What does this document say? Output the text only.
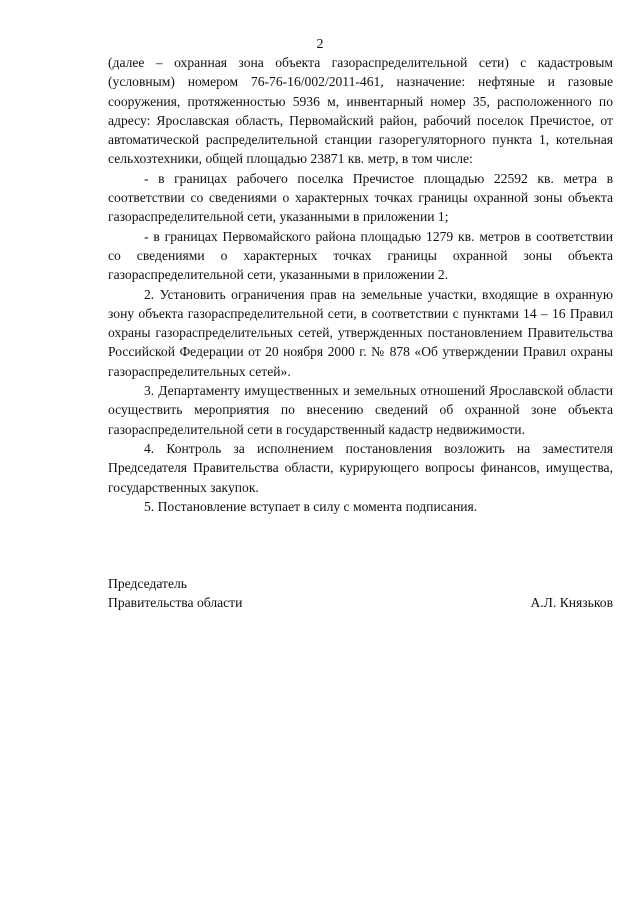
2

(далее – охранная зона объекта газораспределительной сети) с кадастровым (условным) номером 76-76-16/002/2011-461, назначение: нефтяные и газовые сооружения, протяженностью 5936 м, инвентарный номер 35, расположенного по адресу: Ярославская область, Первомайский район, рабочий поселок Пречистое, от автоматической распределительной станции газорегуляторного пункта 1, котельная сельхозтехники, общей площадью 23871 кв. метр, в том числе:

- в границах рабочего поселка Пречистое площадью 22592 кв. метра в соответствии со сведениями о характерных точках границы охранной зоны объекта газораспределительной сети, указанными в приложении 1;

- в границах Первомайского района площадью 1279 кв. метров в соответствии со сведениями о характерных точках границы охранной зоны объекта газораспределительной сети, указанными в приложении 2.

2. Установить ограничения прав на земельные участки, входящие в охранную зону объекта газораспределительной сети, в соответствии с пунктами 14 – 16 Правил охраны газораспределительных сетей, утвержденных постановлением Правительства Российской Федерации от 20 ноября 2000 г. № 878 «Об утверждении Правил охраны газораспределительных сетей».

3. Департаменту имущественных и земельных отношений Ярославской области осуществить мероприятия по внесению сведений об охранной зоне объекта газораспределительной сети в государственный кадастр недвижимости.

4. Контроль за исполнением постановления возложить на заместителя Председателя Правительства области, курирующего вопросы финансов, имущества, государственных закупок.

5. Постановление вступает в силу с момента подписания.

Председатель
Правительства области	А.Л. Князьков
